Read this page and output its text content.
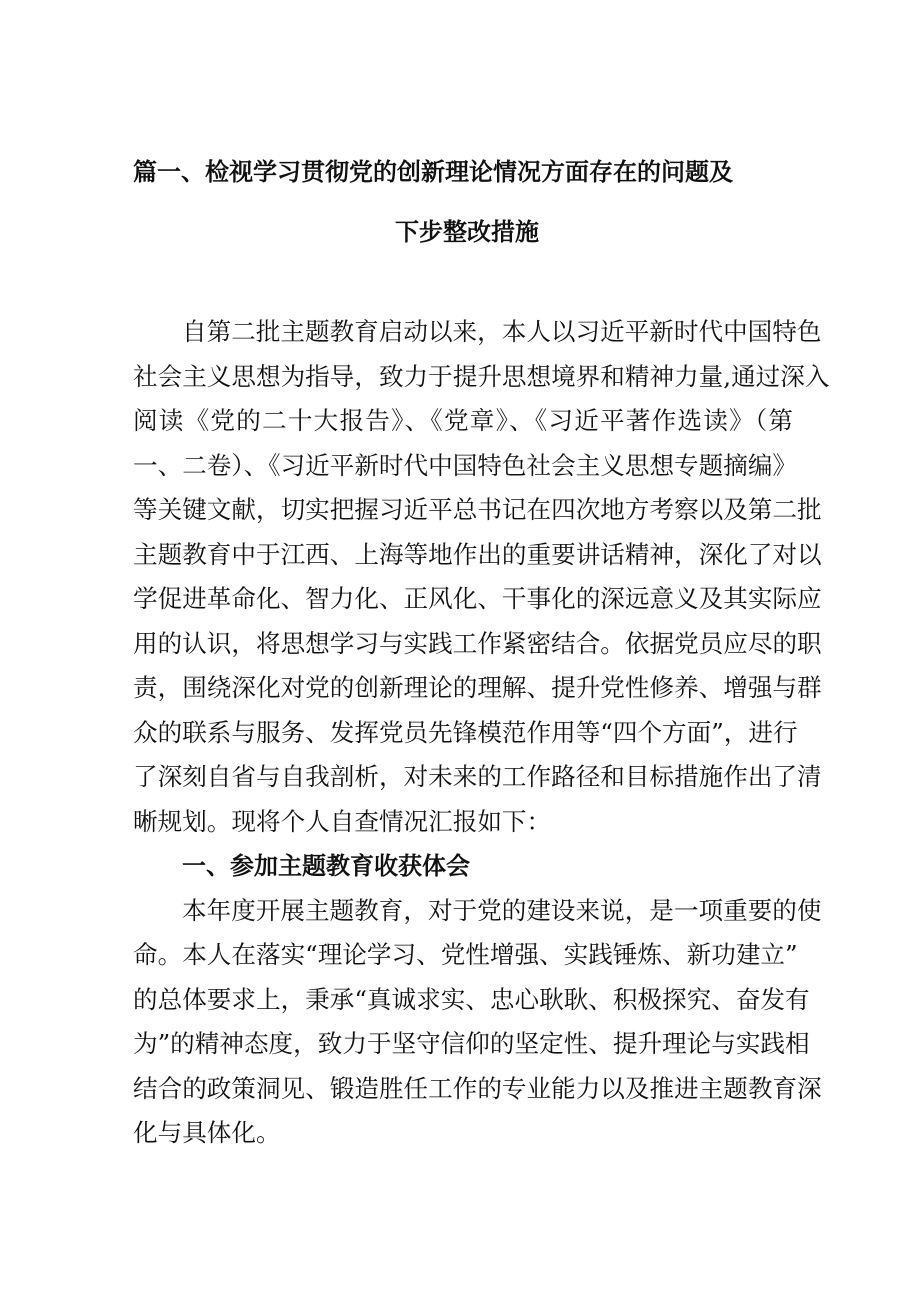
篇一、检视学习贯彻党的创新理论情况方面存在的问题及
下步整改措施

自第二批主题教育启动以来，本人以习近平新时代中国特色

社会主义思想为指导，致力于提升思想境界和精神力量,通过深入

阅读《党的二十大报告》、《党章》、《习近平著作选读》（第

一、二卷）、《习近平新时代中国特色社会主义思想专题摘编》

等关键文献，切实把握习近平总书记在四次地方考察以及第二批

主题教育中于江西、上海等地作出的重要讲话精神，深化了对以

学促进革命化、智力化、正风化、干事化的深远意义及其实际应

用的认识，将思想学习与实践工作紧密结合。依据党员应尽的职

责，围绕深化对党的创新理论的理解、提升党性修养、增强与群

众的联系与服务、发挥党员先锋模范作用等“四个方面”，进行

了深刻自省与自我剖析，对未来的工作路径和目标措施作出了清

晰规划。现将个人自查情况汇报如下：

一、参加主题教育收获体会

本年度开展主题教育，对于党的建设来说，是一项重要的使

命。本人在落实“理论学习、党性增强、实践锤炼、新功建立”

的总体要求上，秉承“真诚求实、忠心耿耿、积极探究、奋发有

为”的精神态度，致力于坚守信仰的坚定性、提升理论与实践相

结合的政策洞见、锻造胜任工作的专业能力以及推进主题教育深

化与具体化。
